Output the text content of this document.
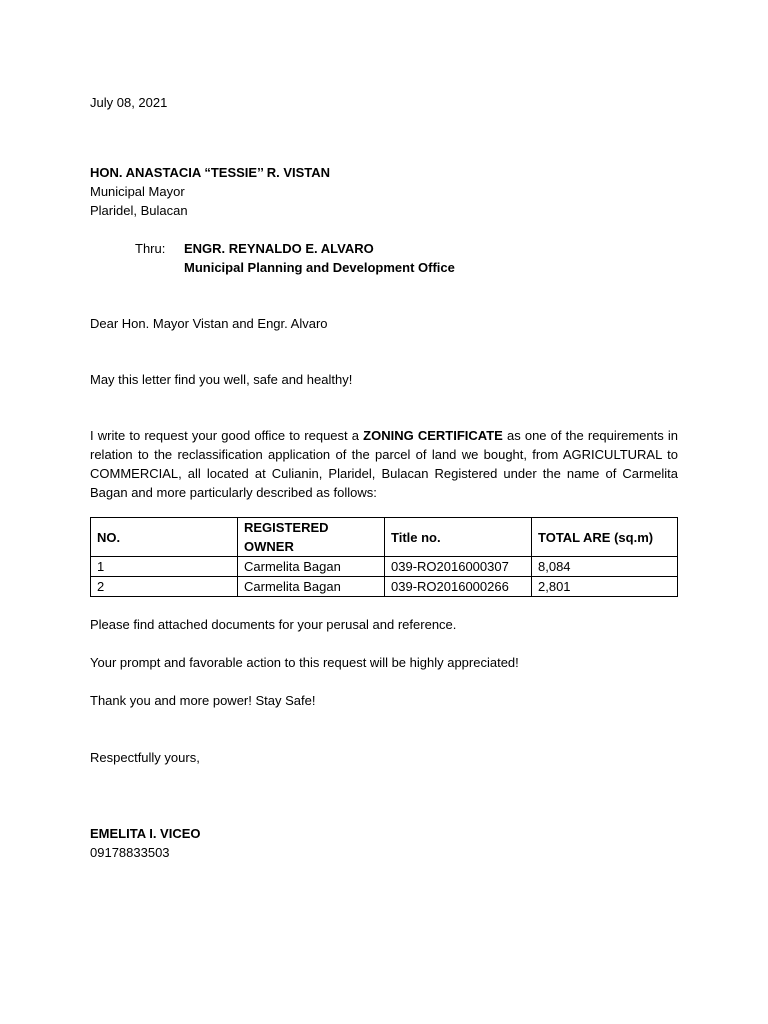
July 08, 2021
HON. ANASTACIA “TESSIE’’ R. VISTAN
Municipal Mayor
Plaridel, Bulacan
Thru:	ENGR. REYNALDO E. ALVARO
Municipal Planning and Development Office
Dear Hon. Mayor Vistan and Engr. Alvaro
May this letter find you well, safe and healthy!
I write to request your good office to request a ZONING CERTIFICATE as one of the requirements in relation to the reclassification application of the parcel of land we bought, from AGRICULTURAL to COMMERCIAL, all located at Culianin, Plaridel, Bulacan Registered under the name of Carmelita Bagan and more particularly described as follows:
NO.	REGISTERED OWNER	Title no.	TOTAL ARE (sq.m)
1	Carmelita Bagan	039-RO2016000307	8,084
2	Carmelita Bagan	039-RO2016000266	2,801
Please find attached documents for your perusal and reference.
Your prompt and favorable action to this request will be highly appreciated!
Thank you and more power! Stay Safe!
Respectfully yours,
EMELITA I. VICEO
09178833503
